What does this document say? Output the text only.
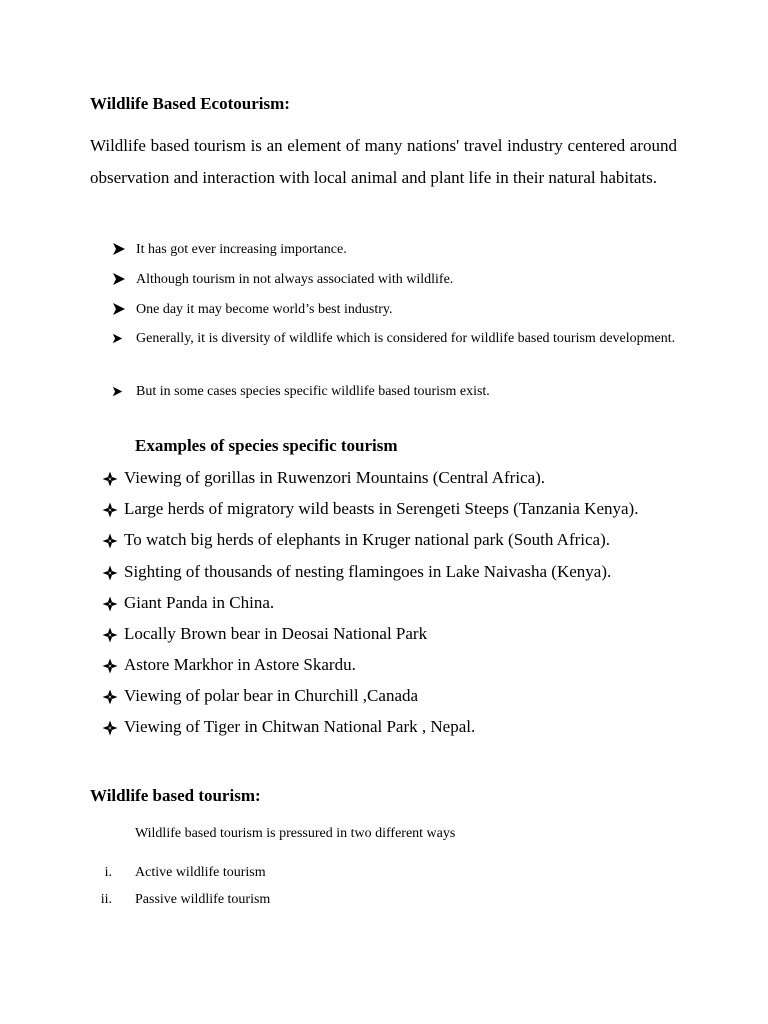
Wildlife Based Ecotourism:

Wildlife based tourism is an element of many nations' travel industry centered around observation and interaction with local animal and plant life in their natural habitats.

It has got ever increasing importance.
Although tourism in not always associated with wildlife.
One day it may become world’s best industry.
Generally, it is diversity of wildlife which is considered for wildlife based tourism development.
But in some cases species specific wildlife based tourism exist.
Examples of species specific tourism
Viewing of gorillas in Ruwenzori Mountains (Central Africa).
Large herds of migratory wild beasts in Serengeti Steeps (Tanzania Kenya).
To watch big herds of elephants in Kruger national park (South Africa).
Sighting of thousands of nesting flamingoes in Lake Naivasha (Kenya).
Giant Panda in China.
Locally Brown bear in Deosai National Park
Astore Markhor in Astore Skardu.
Viewing of polar bear in Churchill ,Canada
Viewing of Tiger in Chitwan National Park , Nepal.
Wildlife based tourism:

Wildlife based tourism is pressured in two different ways

i. Active wildlife tourism
ii. Passive wildlife tourism
